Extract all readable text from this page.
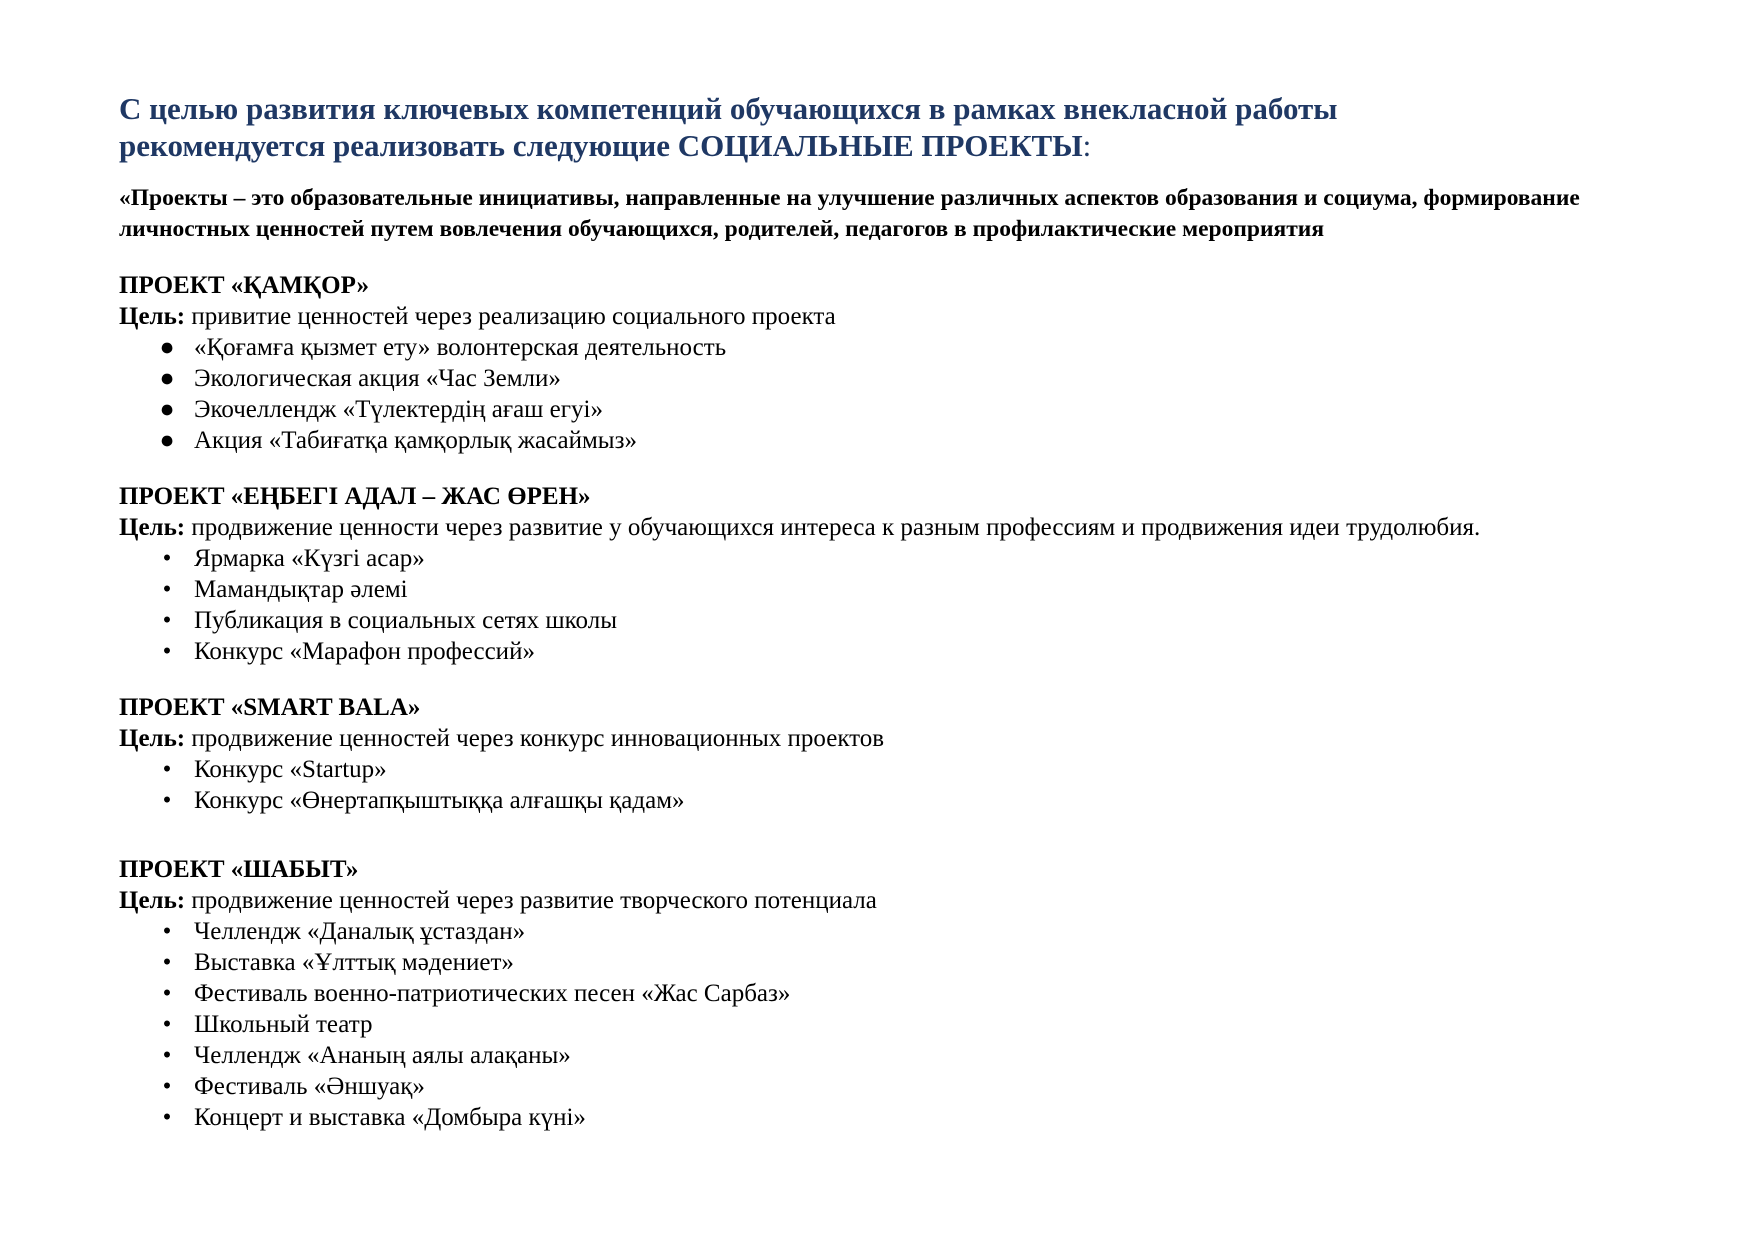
С целью развития ключевых компетенций обучающихся в рамках внекласной работы
рекомендуется реализовать следующие СОЦИАЛЬНЫЕ ПРОЕКТЫ:

«Проекты – это образовательные инициативы, направленные на улучшение различных аспектов образования и социума, формирование личностных ценностей путем вовлечения обучающихся, родителей, педагогов в профилактические мероприятия

ПРОЕКТ «ҚАМҚОР»
Цель: привитие ценностей через реализацию социального проекта
● «Қоғамға қызмет ету» волонтерская деятельность
● Экологическая акция «Час Земли»
● Экочеллендж «Түлектердің ағаш егуі»
● Акция «Табиғатқа қамқорлық жасаймыз»
ПРОЕКТ «ЕҢБЕГІ АДАЛ – ЖАС ӨРЕН»
Цель: продвижение ценности через развитие у обучающихся интереса к разным профессиям и продвижения идеи трудолюбия.
• Ярмарка «Күзгі асар»
• Мамандықтар әлемі
• Публикация в социальных сетях школы
• Конкурс «Марафон профессий»
ПРОЕКТ «SMART BALA»
Цель: продвижение ценностей через конкурс инновационных проектов
• Конкурс «Startup»
• Конкурс «Өнертапқыштыққа алғашқы қадам»
ПРОЕКТ «ШАБЫТ»
Цель: продвижение ценностей через развитие творческого потенциала
• Челлендж «Даналық ұстаздан»
• Выставка «Ұлттық мәдениет»
• Фестиваль военно-патриотических песен «Жас Сарбаз»
• Школьный театр
• Челлендж «Ананың аялы алақаны»
• Фестиваль «Әншуақ»
• Концерт и выставка «Домбыра күні»
